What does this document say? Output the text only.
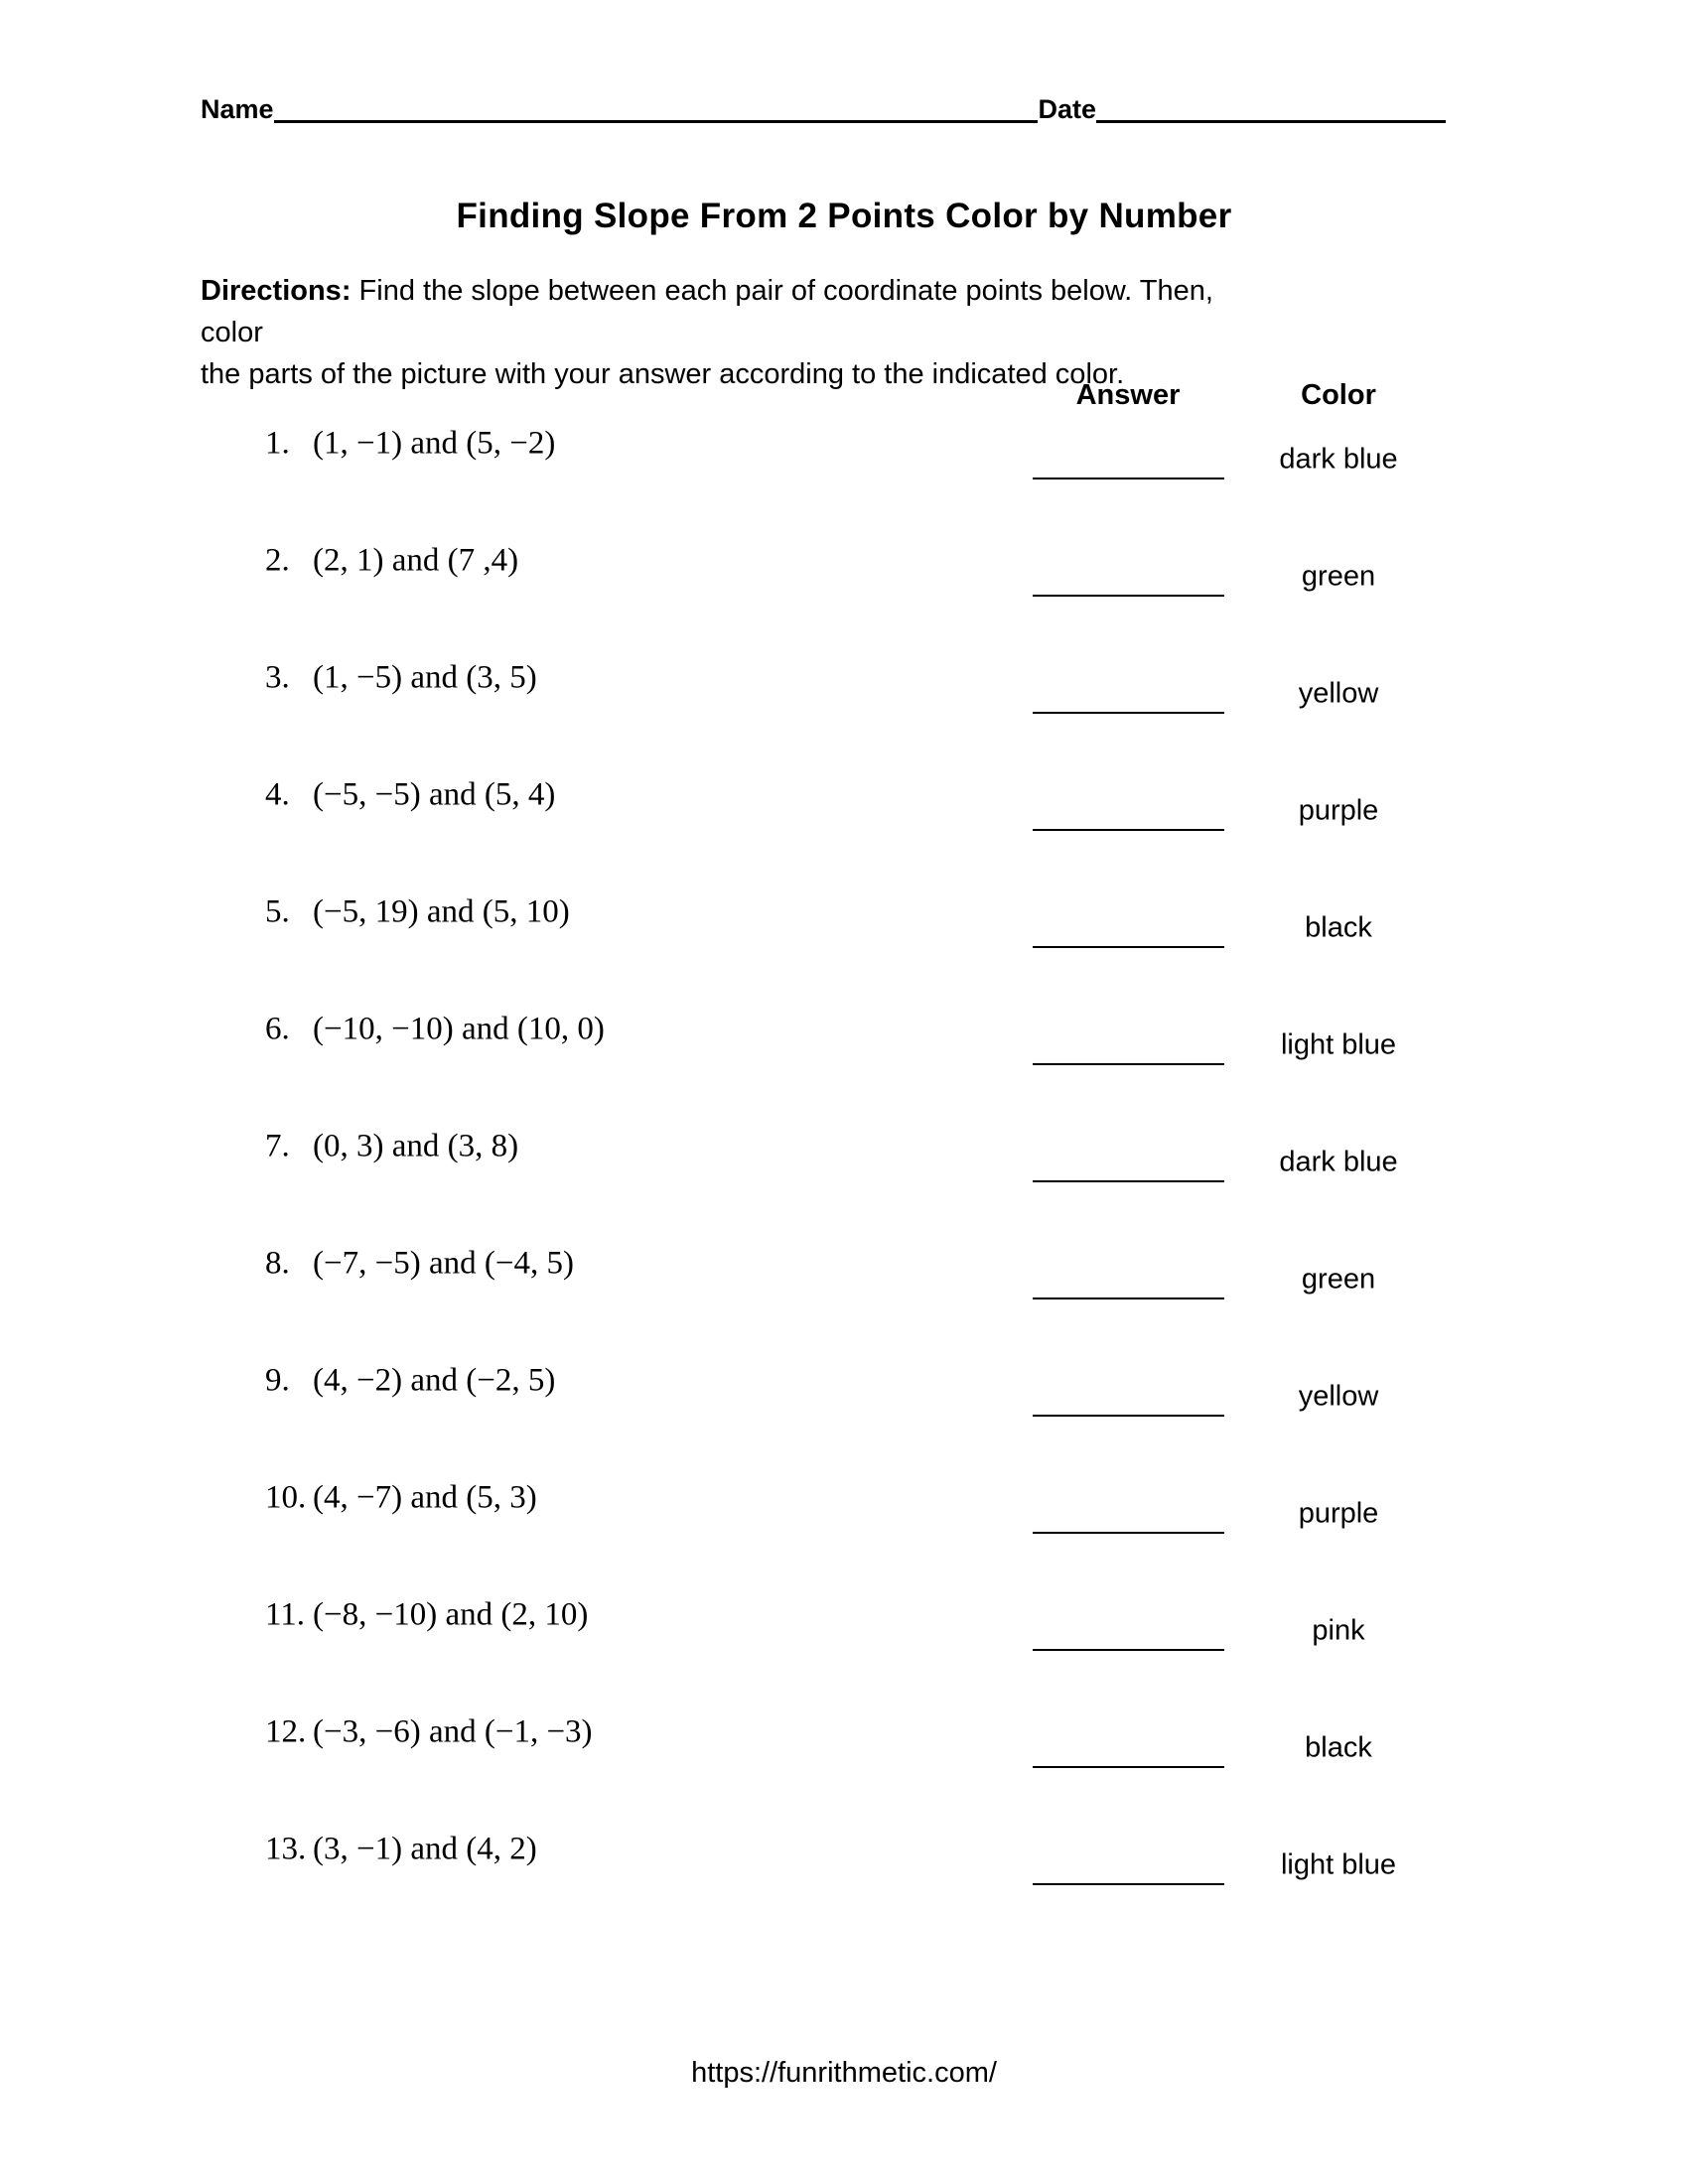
Name	Date
Finding Slope From 2 Points Color by Number
Directions: Find the slope between each pair of coordinate points below. Then, color
the parts of the picture with your answer according to the indicated color.
Answer	Color
1. (1, −1) and (5, −2)	dark blue
2. (2, 1) and (7 ,4)	green
3. (1, −5) and (3, 5)	yellow
4. (−5, −5) and (5, 4)	purple
5. (−5, 19) and (5, 10)	black
6. (−10, −10) and (10, 0)	light blue
7. (0, 3) and (3, 8)	dark blue
8. (−7, −5) and (−4, 5)	green
9. (4, −2) and (−2, 5)	yellow
10. (4, −7) and (5, 3)	purple
11. (−8, −10) and (2, 10)	pink
12. (−3, −6) and (−1, −3)	black
13. (3, −1) and (4, 2)	light blue
https://funrithmetic.com/
